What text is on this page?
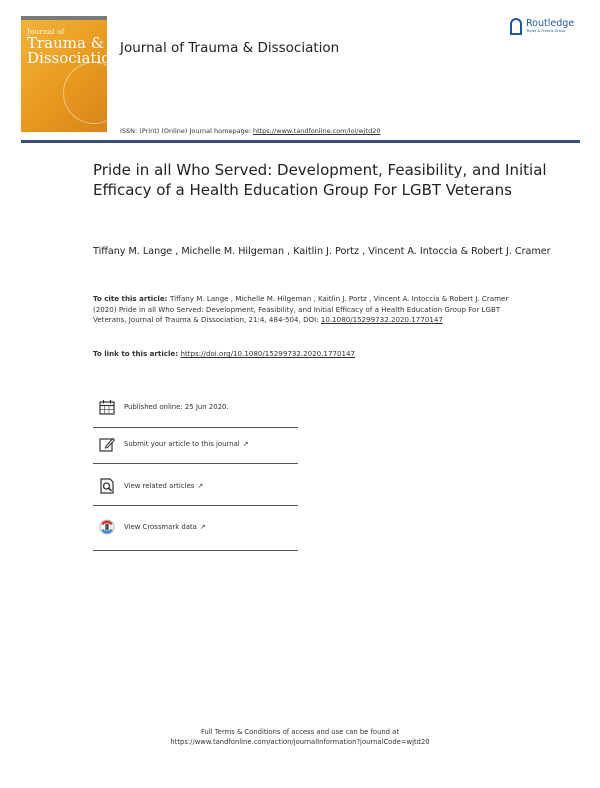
Journal of
Trauma &
Dissociation
Journal of Trauma & Dissociation
Routledge
Taylor & Francis Group
ISSN: (Print) (Online) Journal homepage: https://www.tandfonline.com/loi/wjtd20
Pride in all Who Served: Development, Feasibility, and Initial Efficacy of a Health Education Group For LGBT Veterans
Tiffany M. Lange , Michelle M. Hilgeman , Kaitlin J. Portz , Vincent A. Intoccia & Robert J. Cramer
To cite this article: Tiffany M. Lange , Michelle M. Hilgeman , Kaitlin J. Portz , Vincent A. Intoccia & Robert J. Cramer (2020) Pride in all Who Served: Development, Feasibility, and Initial Efficacy of a Health Education Group For LGBT Veterans, Journal of Trauma & Dissociation, 21:4, 484-504, DOI: 10.1080/15299732.2020.1770147
To link to this article: https://doi.org/10.1080/15299732.2020.1770147
Published online: 25 Jun 2020.
Submit your article to this journal ↗
View related articles ↗
View Crossmark data ↗
Full Terms & Conditions of access and use can be found at
https://www.tandfonline.com/action/journalInformation?journalCode=wjtd20
